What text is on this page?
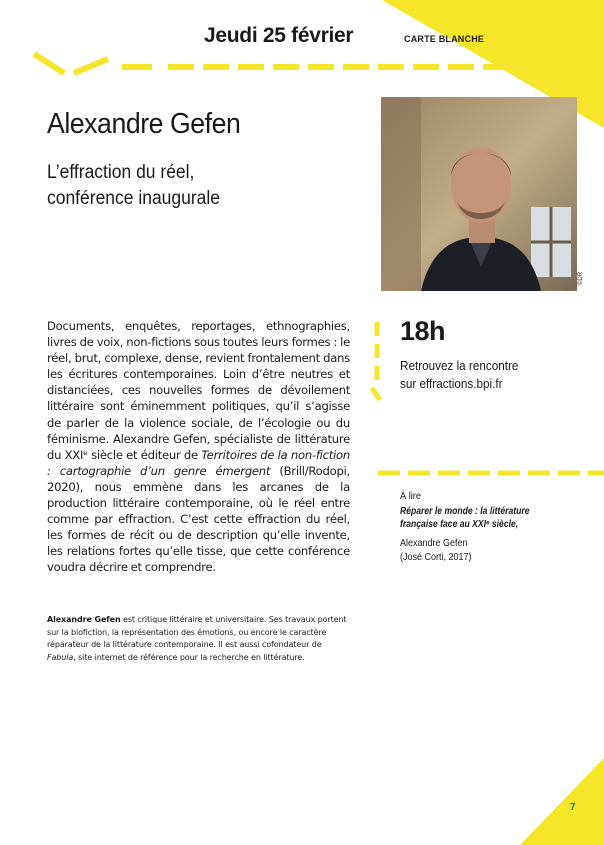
Jeudi 25 février	CARTE BLANCHE
Alexandre Gefen
L’effraction du réel,
conférence inaugurale
©DR
Documents, enquêtes, reportages, ethnographies, livres de voix, non-fictions sous toutes leurs formes : le réel, brut, complexe, dense, revient frontalement dans les écritures contemporaines. Loin d’être neutres et distanciées, ces nouvelles formes de dévoilement littéraire sont éminemment politiques, qu’il s’agisse de parler de la violence sociale, de l’écologie ou du féminisme. Alexandre Gefen, spécialiste de littérature du XXIᵉ siècle et éditeur de Territoires de la non-fiction : cartographie d’un genre émergent (Brill/Rodopi, 2020), nous emmène dans les arcanes de la production littéraire contemporaine, où le réel entre comme par effraction. C’est cette effraction du réel, les formes de récit ou de description qu’elle invente, les relations fortes qu’elle tisse, que cette conférence voudra décrire et comprendre.
Alexandre Gefen est critique littéraire et universitaire. Ses travaux portent sur la biofiction, la représentation des émotions, ou encore le caractère réparateur de la littérature contemporaine. Il est aussi cofondateur de Fabula, site internet de référence pour la recherche en littérature.
18h
Retrouvez la rencontre
sur effractions.bpi.fr
À lire
Réparer le monde : la littérature
française face au XXIᵉ siècle,
Alexandre Gefen
(José Corti, 2017)
7
